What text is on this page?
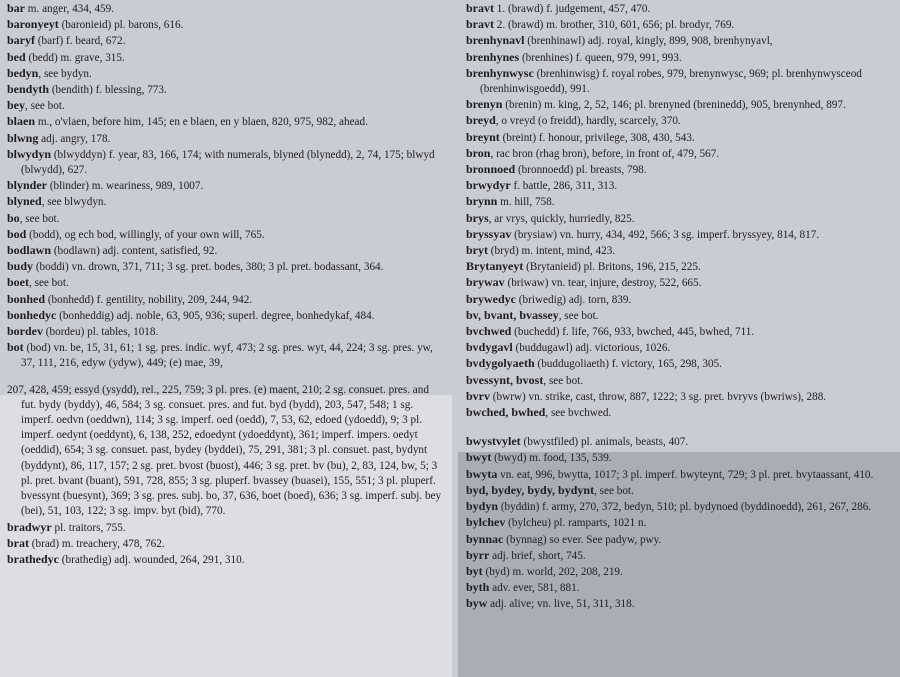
bar m. anger, 434, 459.

baronyeyt (baronieid) pl. barons, 616.

baryf (barf) f. beard, 672.

bed (bedd) m. grave, 315.

bedyn, see bydyn.

bendyth (bendith) f. blessing, 773.

bey, see bot.

blaen m., o'vlaen, before him, 145; en e blaen, en y blaen, 820, 975, 982, ahead.

blwng adj. angry, 178.

blwydyn (blwyddyn) f. year, 83, 166, 174; with numerals, blyned (blynedd), 2, 74, 175; blwyd (blwydd), 627.

blynder (blinder) m. weariness, 989, 1007.

blyned, see blwydyn.

bo, see bot.

bod (bodd), og ech bod, willingly, of your own will, 765.

bodlawn (bodlawn) adj. content, satisfied, 92.

budy (boddi) vn. drown, 371, 711; 3 sg. pret. bodes, 380; 3 pl. pret. bodassant, 364.

boet, see bot.

bonhed (bonhedd) f. gentility, nobility, 209, 244, 942.

bonhedyc (bonheddig) adj. noble, 63, 905, 936; superl. degree, bonhedykaf, 484.

bordev (bordeu) pl. tables, 1018.

bot (bod) vn. be, 15, 31, 61; 1 sg. pres. indic. wyf, 473; 2 sg. pres. wyt, 44, 224; 3 sg. pres. yw, 37, 111, 216, edyw (ydyw), 449; (e) mae, 39,

207, 428, 459; essyd (ysydd), rel., 225, 759; 3 pl. pres. (e) maent, 210; 2 sg. consuet. pres. and fut. bydy (byddy), 46, 584; 3 sg. consuet. pres. and fut. byd (bydd), 203, 547, 548; 1 sg. imperf. oedvn (oeddwn), 114; 3 sg. imperf. oed (oedd), 7, 53, 62, edoed (ydoedd), 9; 3 pl. imperf. oedynt (oeddynt), 6, 138, 252, edoedynt (ydoeddynt), 361; imperf. impers. oedyt (oeddid), 654; 3 sg. consuet. past, bydey (byddei), 75, 291, 381; 3 pl. consuet. past, bydynt (byddynt), 86, 117, 157; 2 sg. pret. bvost (buost), 446; 3 sg. pret. bv (bu), 2, 83, 124, bw, 5; 3 pl. pret. bvant (buant), 591, 728, 855; 3 sg. pluperf. bvassey (buasei), 155, 551; 3 pl. pluperf. bvessynt (buesynt), 369; 3 sg. pres. subj. bo, 37, 636, boet (boed), 636; 3 sg. imperf. subj. bey (bei), 51, 103, 122; 3 sg. impv. byt (bid), 770.

bradwyr pl. traitors, 755.

brat (brad) m. treachery, 478, 762.

brathedyc (brathedig) adj. wounded, 264, 291, 310.

bravt 1. (brawd) f. judgement, 457, 470.

bravt 2. (brawd) m. brother, 310, 601, 656; pl. brodyr, 769.

brenhynavl (brenhinawl) adj. royal, kingly, 899, 908, brenhynyavl,

brenhynes (brenhines) f. queen, 979, 991, 993.

brenhynwysc (brenhinwisg) f. royal robes, 979, brenynwysc, 969; pl. brenhynwysceod (brenhinwisgoedd), 991.

brenyn (brenin) m. king, 2, 52, 146; pl. brenyned (breninedd), 905, brenynhed, 897.

breyd, o vreyd (o freidd), hardly, scarcely, 370.

breynt (breint) f. honour, privilege, 308, 430, 543.

bron, rac bron (rhag bron), before, in front of, 479, 567.

bronnoed (bronnoedd) pl. breasts, 798.

brwydyr f. battle, 286, 311, 313.

brynn m. hill, 758.

brys, ar vrys, quickly, hurriedly, 825.

bryssyav (brysiaw) vn. hurry, 434, 492, 566; 3 sg. imperf. bryssyey, 814, 817.

bryt (bryd) m. intent, mind, 423.

Brytanyeyt (Brytanieid) pl. Britons, 196, 215, 225.

brywav (briwaw) vn. tear, injure, destroy, 522, 665.

brywedyc (briwedig) adj. torn, 839.

bv, bvant, bvassey, see bot.

bvchwed (buchedd) f. life, 766, 933, bwched, 445, bwhed, 711.

bvdygavl (buddugawl) adj. victorious, 1026.

bvdygolyaeth (buddugoliaeth) f. victory, 165, 298, 305.

bvessynt, bvost, see bot.

bvrv (bwrw) vn. strike, cast, throw, 887, 1222; 3 sg. pret. bvryvs (bwriws), 288.

bwched, bwhed, see bvchwed.

bwystvylet (bwystfiled) pl. animals, beasts, 407.

bwyt (bwyd) m. food, 135, 539.

bwyta vn. eat, 996, bwytta, 1017; 3 pl. imperf. bwyteynt, 729; 3 pl. pret. bvytaassant, 410.

byd, bydey, bydy, bydynt, see bot.

bydyn (byddin) f. army, 270, 372, bedyn, 510; pl. bydynoed (byddinoedd), 261, 267, 286.

bylchev (bylcheu) pl. ramparts, 1021 n.

bynnac (bynnag) so ever. See padyw, pwy.

byrr adj. brief, short, 745.

byt (byd) m. world, 202, 208, 219.

byth adv. ever, 581, 881.

byw adj. alive; vn. live, 51, 311, 318.
